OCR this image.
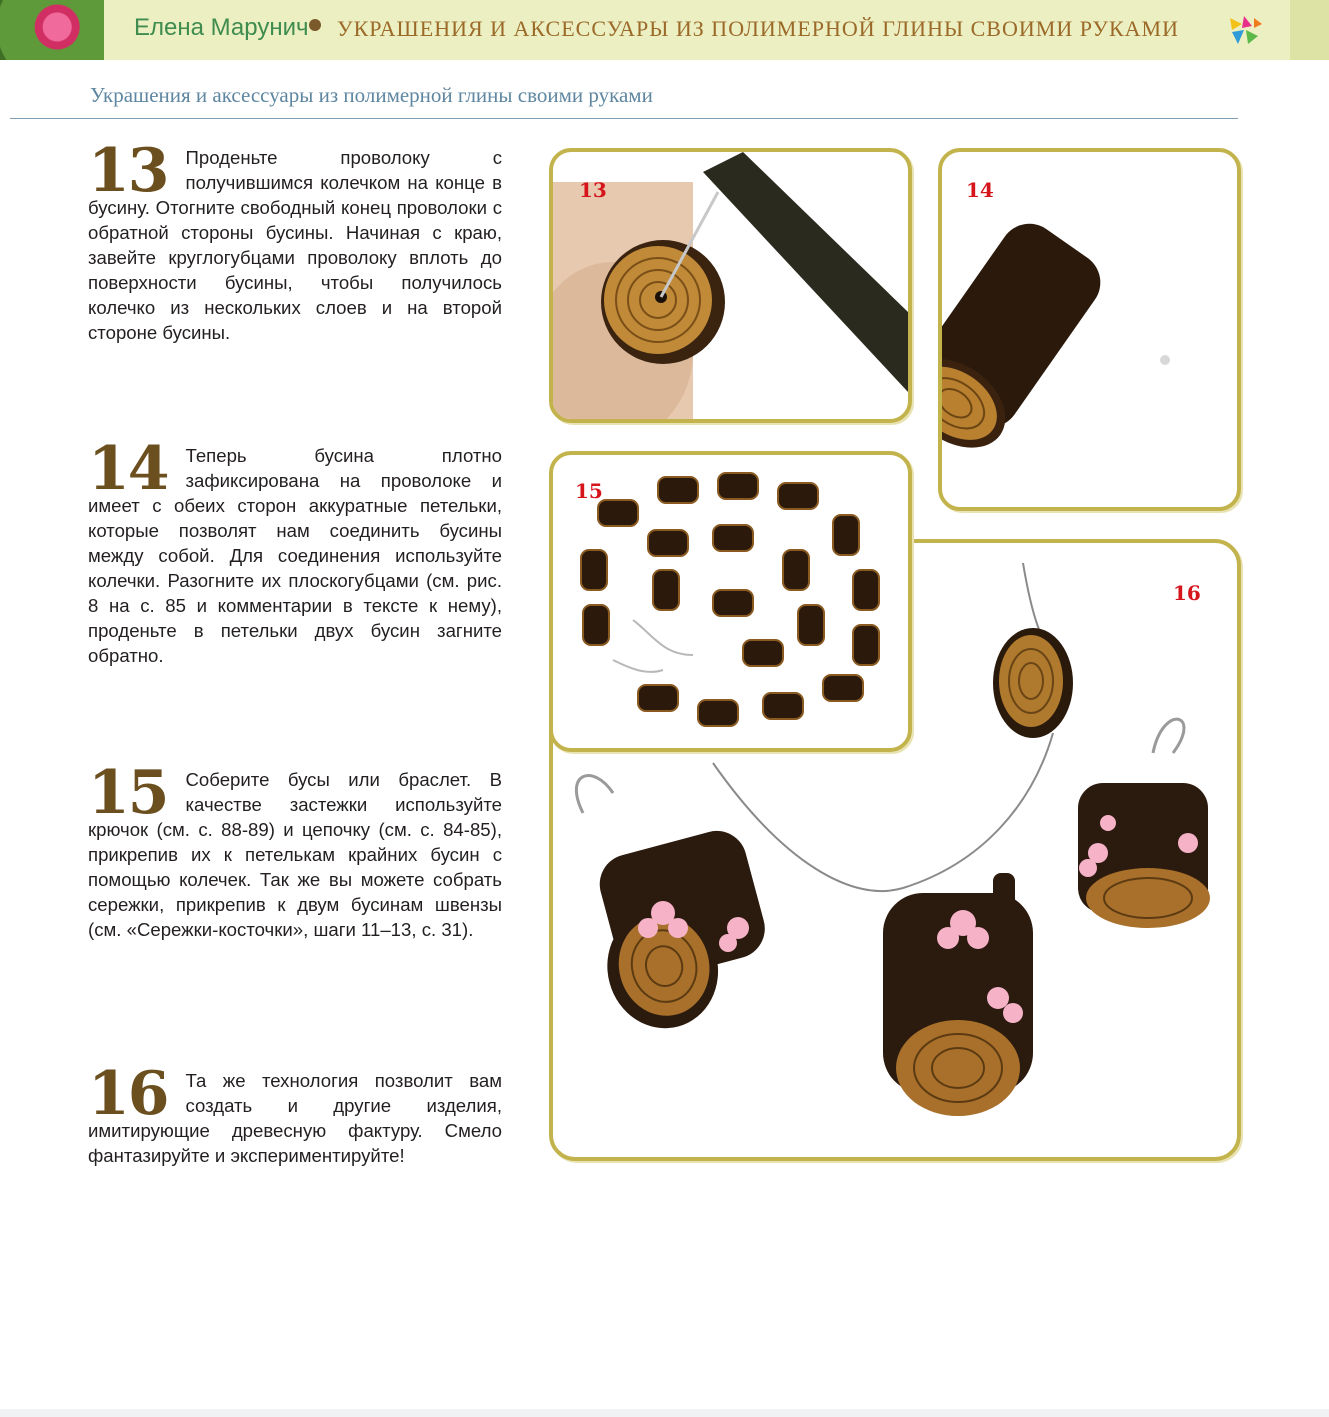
Елена Марунич УКРАШЕНИЯ И АКСЕССУАРЫ ИЗ ПОЛИМЕРНОЙ ГЛИНЫ СВОИМИ РУКАМИ
Украшения и аксессуары из полимерной глины своими руками
13 Проденьте проволоку с получившимся колечком на конце в бусину. Отогните свободный конец проволоки с обратной стороны бусины. Начиная с краю, завейте круглогубцами проволоку вплоть до поверхности бусины, чтобы получилось колечко из нескольких слоев и на второй стороне бусины.

14 Теперь бусина плотно зафиксирована на проволоке и имеет с обеих сторон аккуратные петельки, которые позволят нам соединить бусины между собой. Для соединения используйте колечки. Разогните их плоскогубцами (см. рис. 8 на с. 85 и комментарии в тексте к нему), проденьте в петельки двух бусин загните обратно.

15 Соберите бусы или браслет. В качестве застежки используйте крючок (см. с. 88-89) и цепочку (см. с. 84-85), прикрепив их к петелькам крайних бусин с помощью колечек. Так же вы можете собрать сережки, прикрепив к двум бусинам швензы (см. «Сережки-косточки», шаги 11–13, с. 31).

16 Та же технология позволит вам создать и другие изделия, имитирующие древесную фактуру. Смело фантазируйте и экспериментируйте!

16
13	14
15
